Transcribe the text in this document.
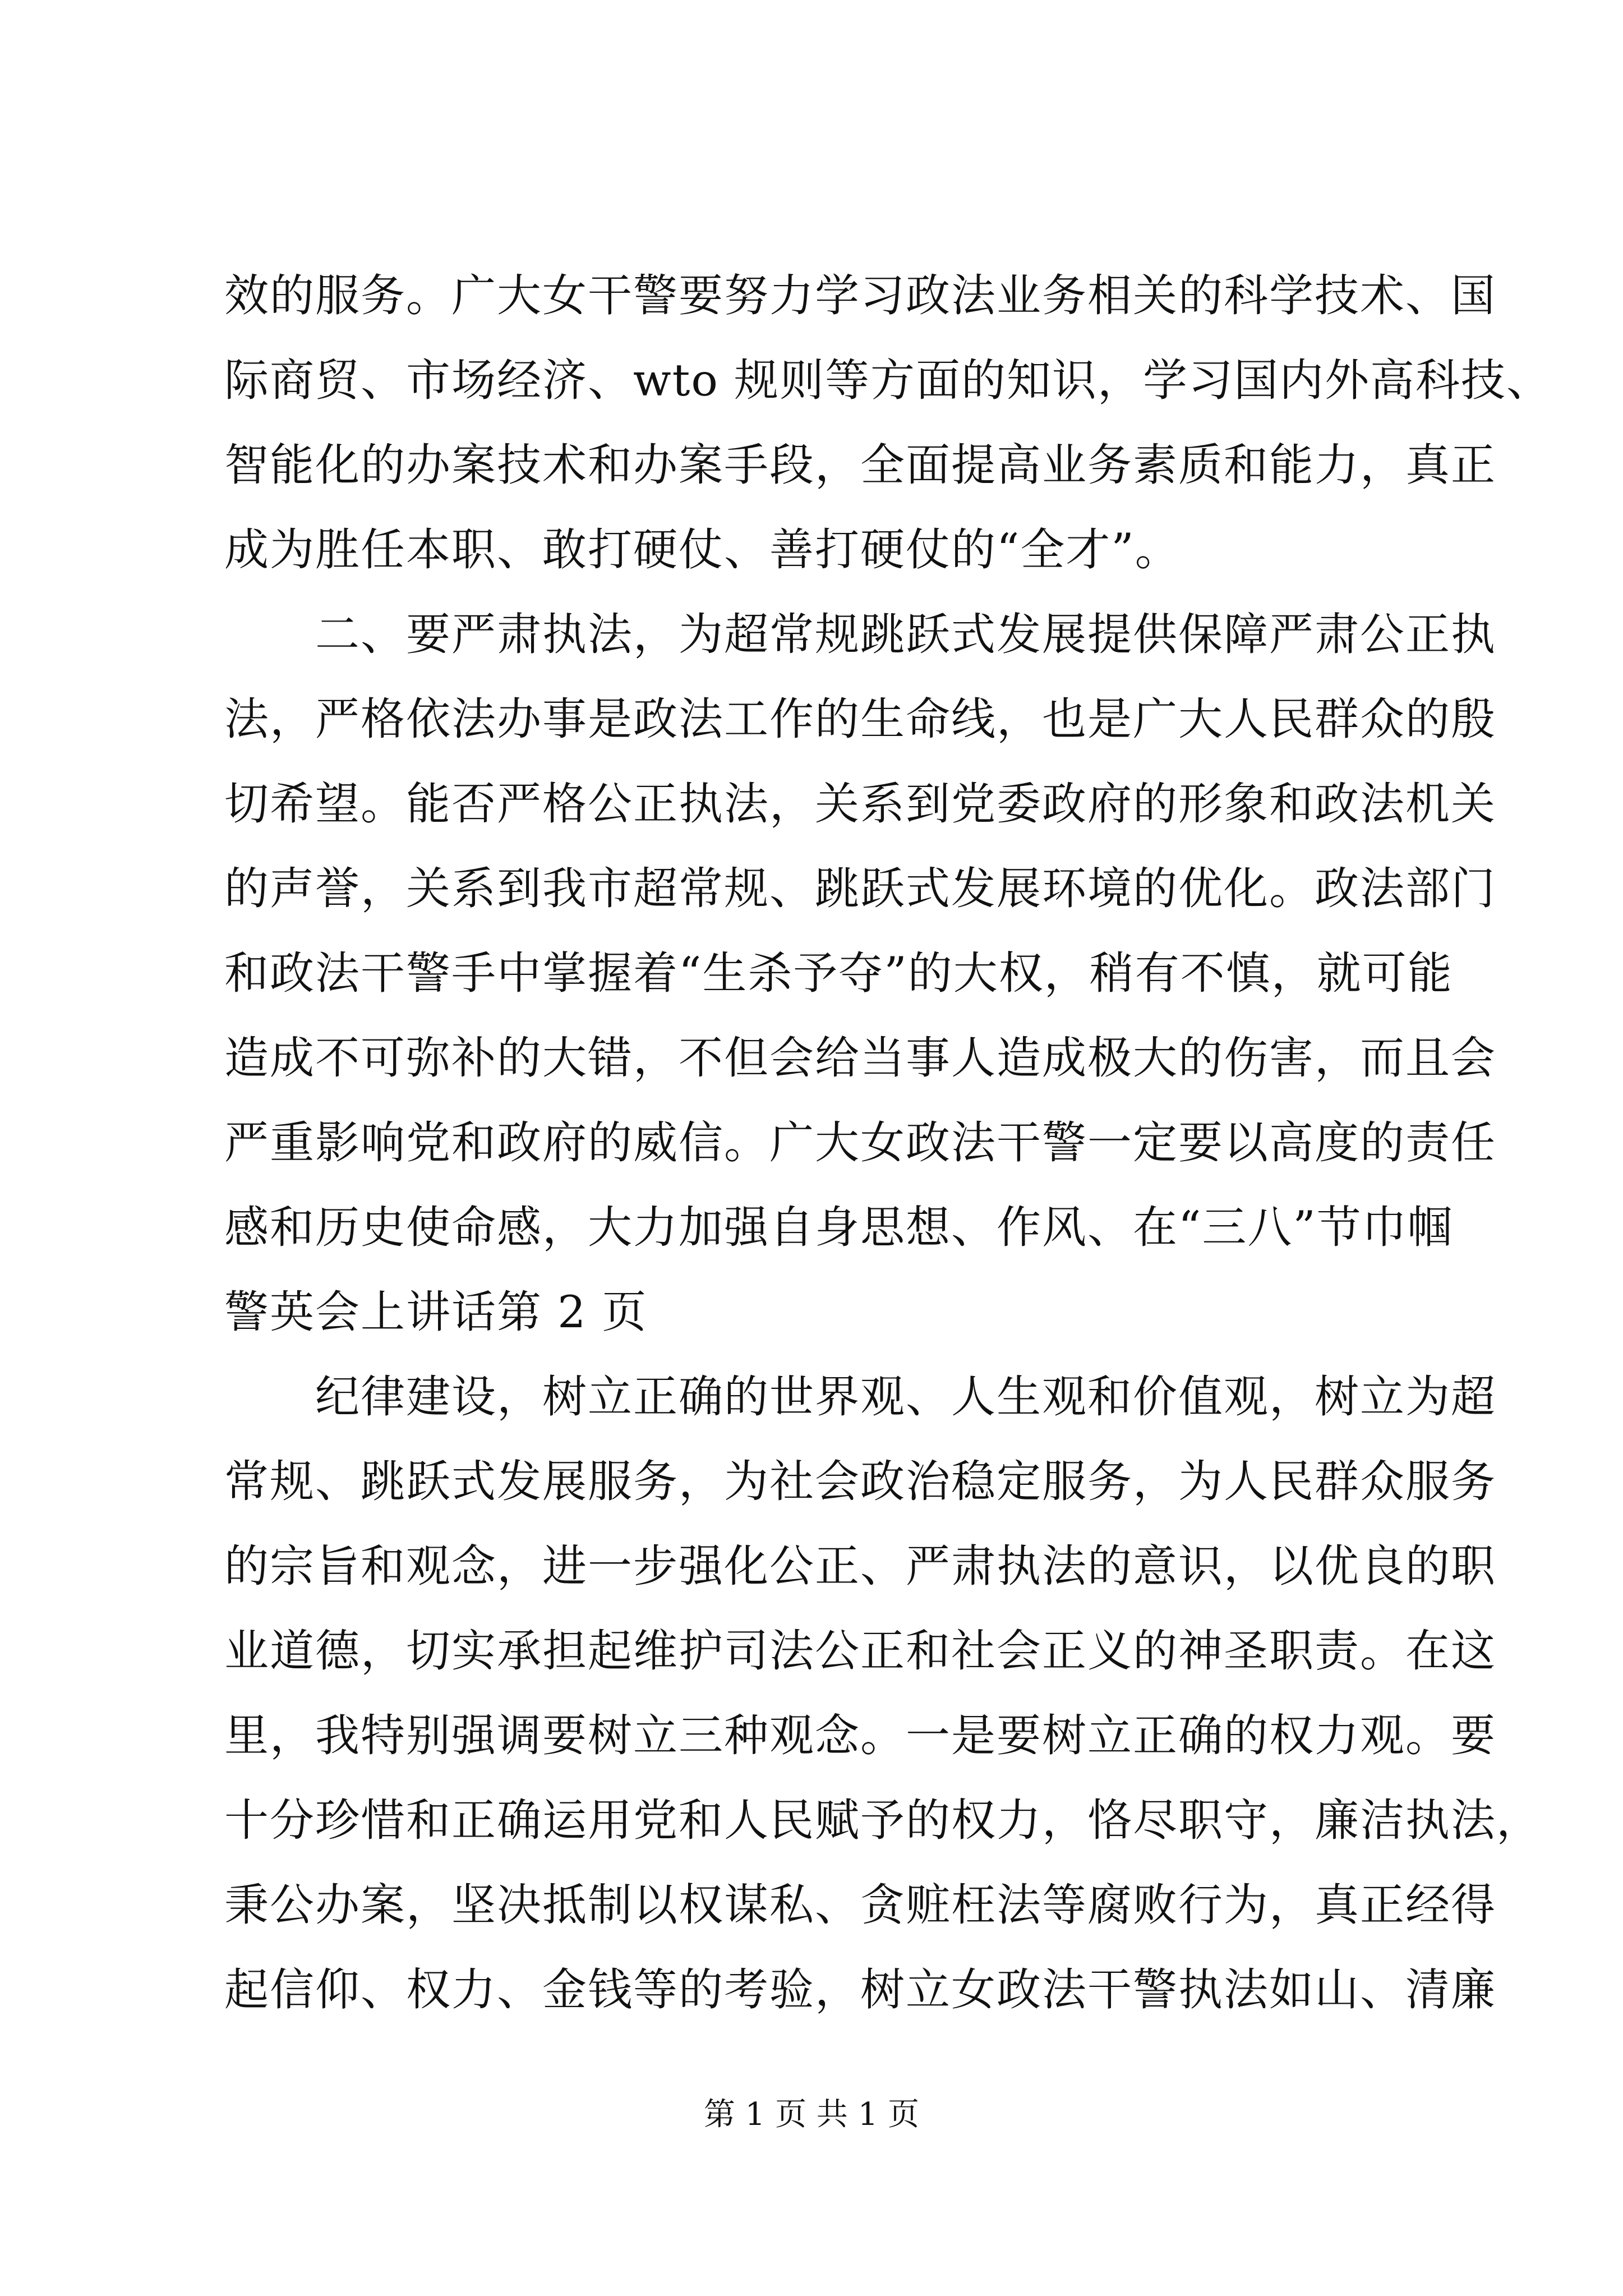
效的服务。广大女干警要努力学习政法业务相关的科学技术、国
际商贸、市场经济、wto 规则等方面的知识，学习国内外高科技、
智能化的办案技术和办案手段，全面提高业务素质和能力，真正
成为胜任本职、敢打硬仗、善打硬仗的“全才”。
　　二、要严肃执法，为超常规跳跃式发展提供保障严肃公正执
法，严格依法办事是政法工作的生命线，也是广大人民群众的殷
切希望。能否严格公正执法，关系到党委政府的形象和政法机关
的声誉，关系到我市超常规、跳跃式发展环境的优化。政法部门
和政法干警手中掌握着“生杀予夺”的大权，稍有不慎，就可能
造成不可弥补的大错，不但会给当事人造成极大的伤害，而且会
严重影响党和政府的威信。广大女政法干警一定要以高度的责任
感和历史使命感，大力加强自身思想、作风、在“三八”节巾帼
警英会上讲话第 2 页
　　纪律建设，树立正确的世界观、人生观和价值观，树立为超
常规、跳跃式发展服务，为社会政治稳定服务，为人民群众服务
的宗旨和观念，进一步强化公正、严肃执法的意识，以优良的职
业道德，切实承担起维护司法公正和社会正义的神圣职责。在这
里，我特别强调要树立三种观念。一是要树立正确的权力观。要
十分珍惜和正确运用党和人民赋予的权力，恪尽职守，廉洁执法，
秉公办案，坚决抵制以权谋私、贪赃枉法等腐败行为，真正经得
起信仰、权力、金钱等的考验，树立女政法干警执法如山、清廉
第 1 页 共 1 页
